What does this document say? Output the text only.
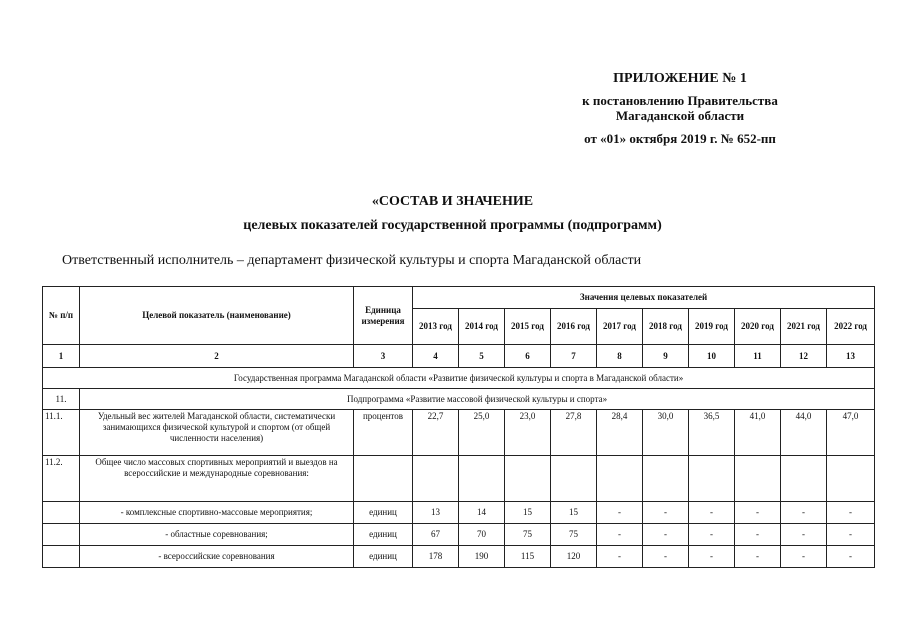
ПРИЛОЖЕНИЕ № 1
к постановлению Правительства
Магаданской области
от «01» октября 2019 г. № 652-пп
«СОСТАВ И ЗНАЧЕНИЕ
целевых показателей государственной программы (подпрограмм)
Ответственный исполнитель – департамент физической культуры и спорта Магаданской области
№ п/п	Целевой показатель (наименование)	Единица измерения	Значения целевых показателей									
			2013 год	2014 год	2015 год	2016 год	2017 год	2018 год	2019 год	2020 год	2021 год	2022 год
1	2	3	4	5	6	7	8	9	10	11	12	13
Государственная программа Магаданской области «Развитие физической культуры и спорта в Магаданской области»												
11.	Подпрограмма «Развитие массовой физической культуры и спорта»											
11.1.	Удельный вес жителей Магаданской области, систематически занимающихся физической культурой и спортом (от общей численности населения)	процентов	22,7	25,0	23,0	27,8	28,4	30,0	36,5	41,0	44,0	47,0
11.2.	Общее число массовых спортивных мероприятий и выездов на всероссийские и международные соревнования:											
	- комплексные спортивно-массовые мероприятия;	единиц	13	14	15	15	-	-	-	-	-	-
	- областные соревнования;	единиц	67	70	75	75	-	-	-	-	-	-
	- всероссийские соревнования	единиц	178	190	115	120	-	-	-	-	-	-
